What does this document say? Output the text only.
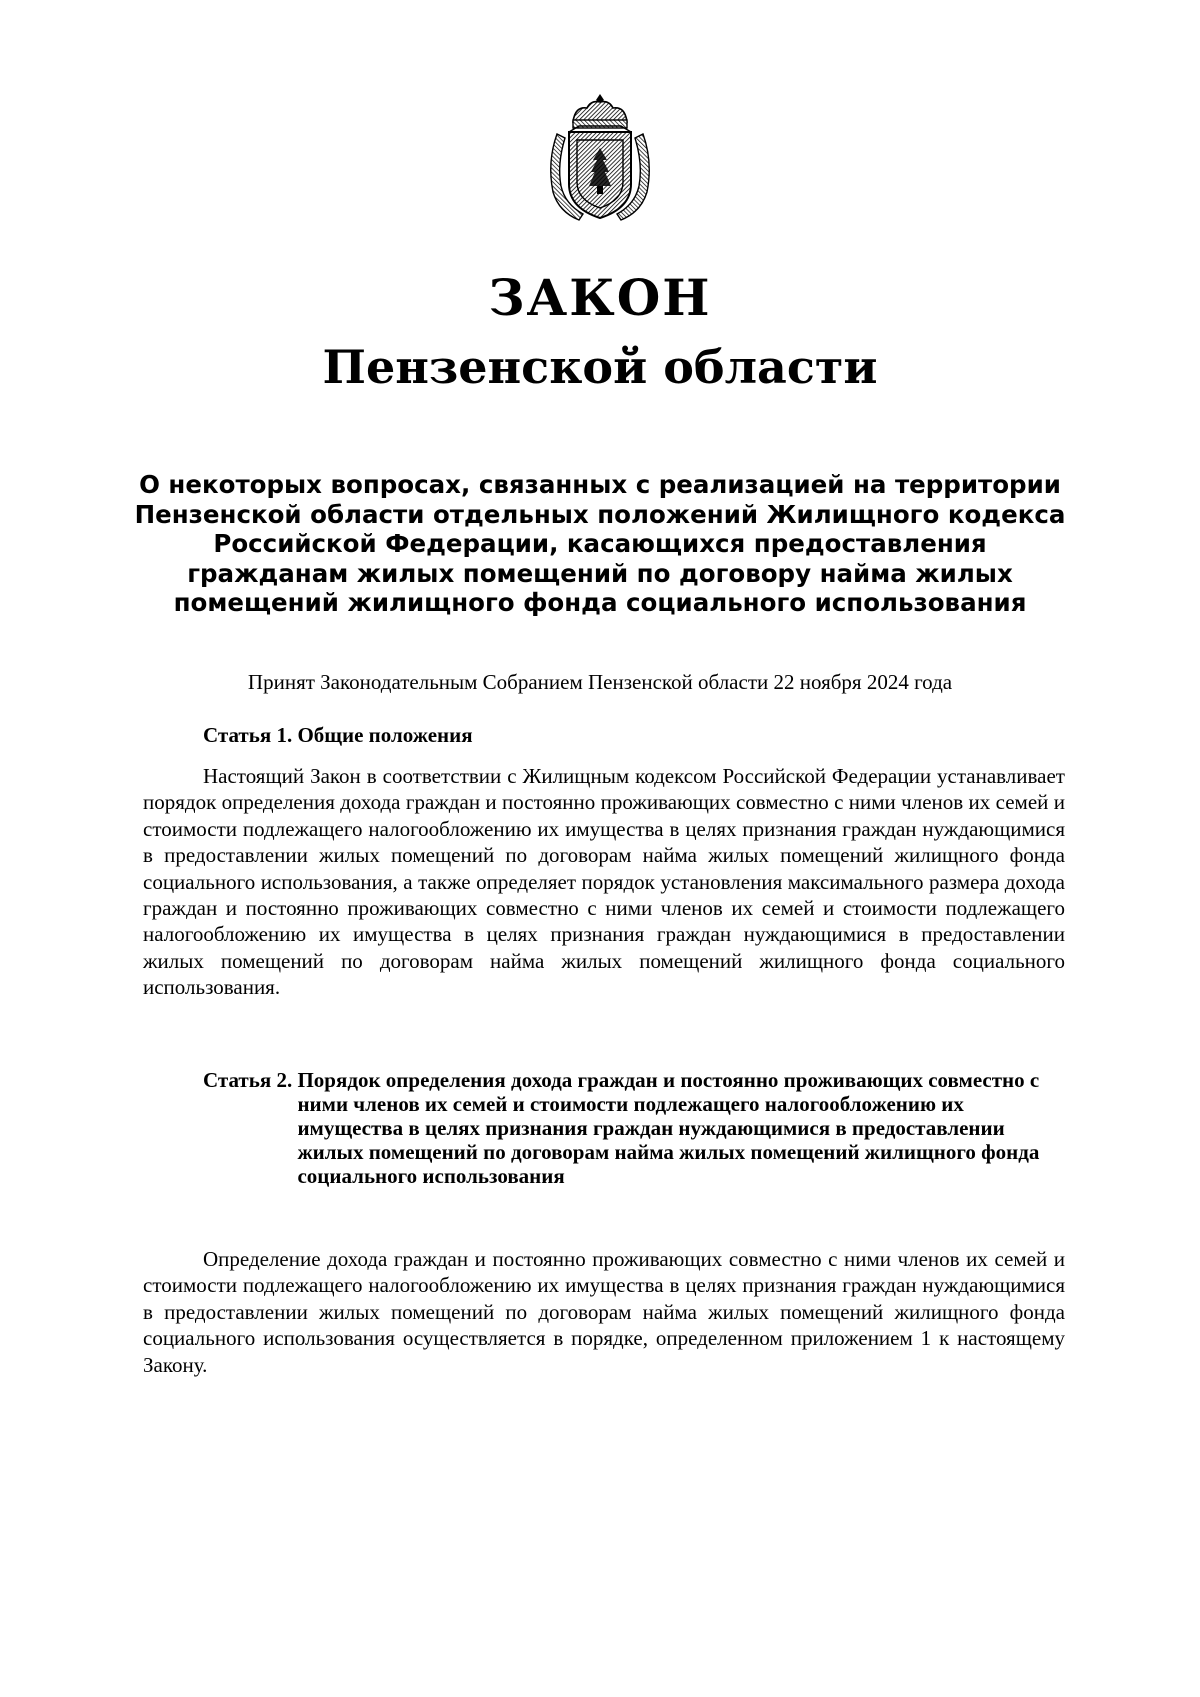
ЗАКОН
Пензенской области
О некоторых вопросах, связанных с реализацией на территории Пензенской области отдельных положений Жилищного кодекса Российской Федерации, касающихся предоставления гражданам жилых помещений по договору найма жилых помещений жилищного фонда социального использования

Принят Законодательным Собранием Пензенской области 22 ноября 2024 года

Статья 1. Общие положения

Настоящий Закон в соответствии с Жилищным кодексом Российской Федерации устанавливает порядок определения дохода граждан и постоянно проживающих совместно с ними членов их семей и стоимости подлежащего налогообложению их имущества в целях признания граждан нуждающимися в предоставлении жилых помещений по договорам найма жилых помещений жилищного фонда социального использования, а также определяет порядок установления максимального размера дохода граждан и постоянно проживающих совместно с ними членов их семей и стоимости подлежащего налогообложению их имущества в целях признания граждан нуждающимися в предоставлении жилых помещений по договорам найма жилых помещений жилищного фонда социального использования.

Статья 2.
Порядок определения дохода граждан и постоянно проживающих совместно с ними членов их семей и стоимости подлежащего налогообложению их имущества в целях признания граждан нуждающимися в предоставлении жилых помещений по договорам найма жилых помещений жилищного фонда социального использования

Определение дохода граждан и постоянно проживающих совместно с ними членов их семей и стоимости подлежащего налогообложению их имущества в целях признания граждан нуждающимися в предоставлении жилых помещений по договорам найма жилых помещений жилищного фонда социального использования осуществляется в порядке, определенном приложением 1 к настоящему Закону.
